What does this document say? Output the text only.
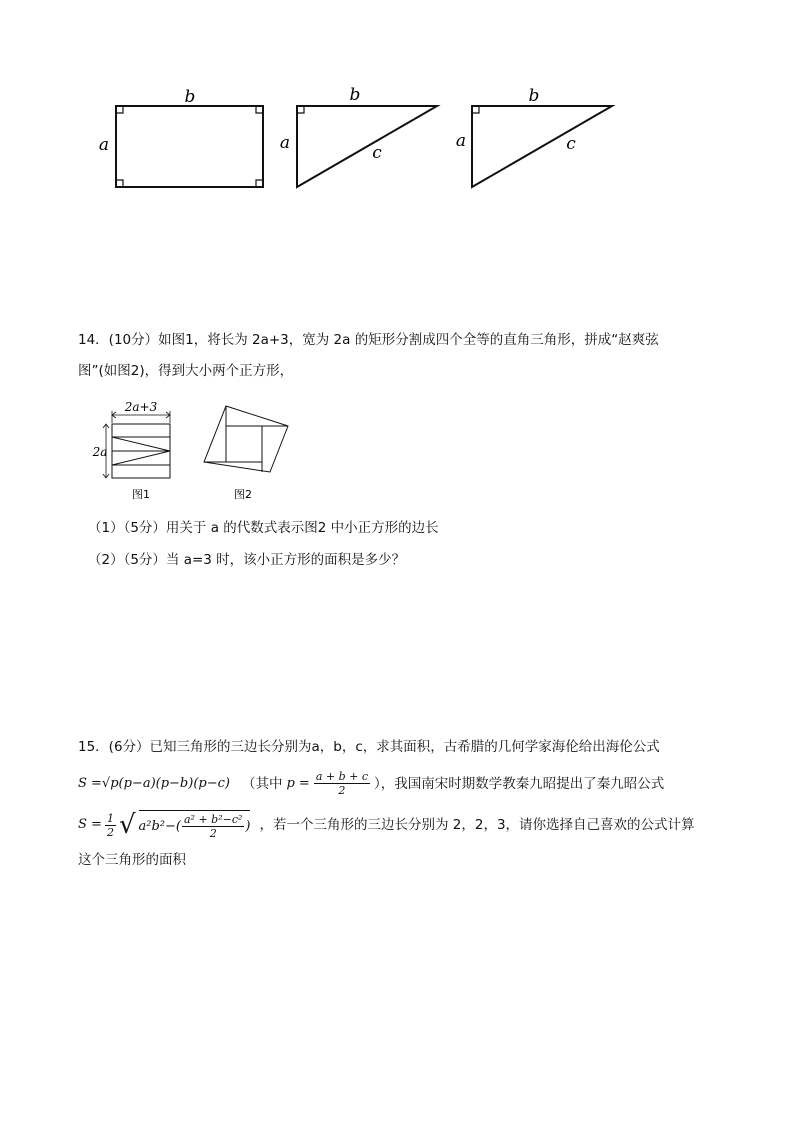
b
a
b
a	c
b
a	c
14．(10分）如图1，将长为 2a+3，宽为 2a 的矩形分割成四个全等的直角三角形，拼成“赵爽弦
图”(如图2)，得到大小两个正方形，
2a+3
2a
图1	图2
（1）（5分）用关于 a 的代数式表示图2 中小正方形的边长
（2）（5分）当 a=3 时，该小正方形的面积是多少？
15．(6分）已知三角形的三边长分别为a，b，c，求其面积，古希腊的几何学家海伦给出海伦公式
S =√p(p−a)(p−b)(p−c) （其中 $p = \frac{a + b + c}{2}$ ），我国南宋时期数学教秦九昭提出了秦九昭公式
$S = \frac{1}{2}$ √ $a^2b^2-( \frac{\text{a² + b²−c²}}{2}$ ) ，若一个三角形的三边长分别为 2，2，3，请你选择自己喜欢的公式计算
这个三角形的面积
